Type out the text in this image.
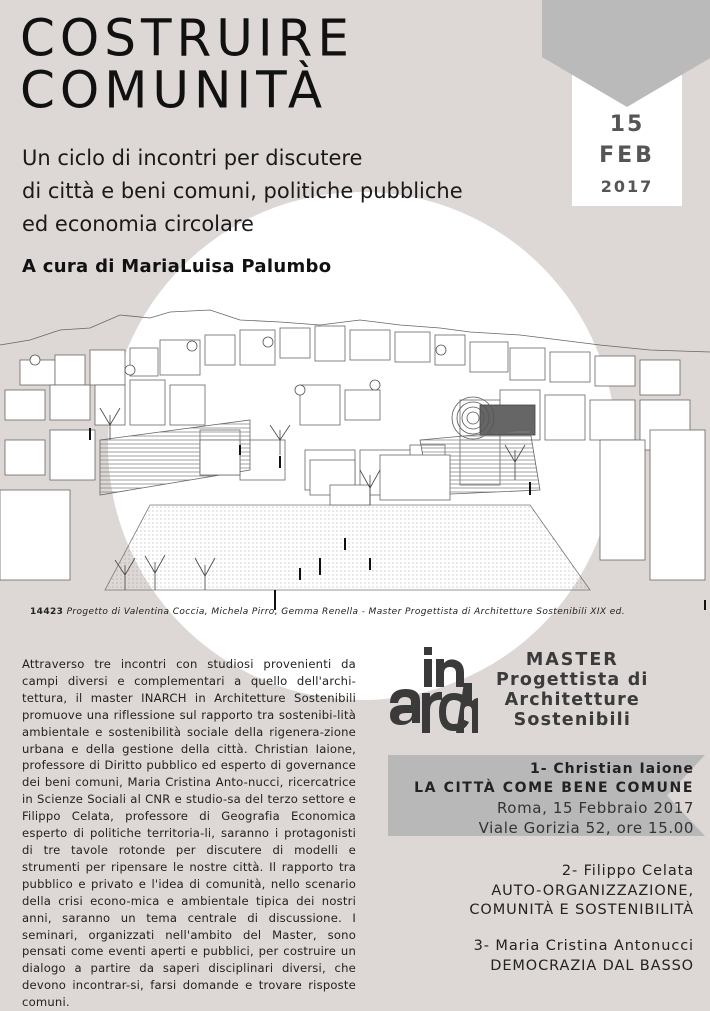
COSTRUIRE
COMUNITÀ
Un ciclo di incontri per discutere
di città e beni comuni, politiche pubbliche
ed economia circolare
A cura di MariaLuisa Palumbo
15
FEB
2017
14423 Progetto di Valentina Coccia, Michela Pirro, Gemma Renella - Master Progettista di Architetture Sostenibili XIX ed.

Attraverso tre incontri con studiosi provenienti da campi diversi e complementari a quello dell'archi-tettura, il master INARCH in Architetture Sostenibili promuove una riflessione sul rapporto tra sostenibi-lità ambientale e sostenibilità sociale della rigenera-zione urbana e della gestione della città. Christian Iaione, professore di Diritto pubblico ed esperto di governance dei beni comuni, Maria Cristina Anto-nucci, ricercatrice in Scienze Sociali al CNR e studio-sa del terzo settore e Filippo Celata, professore di Geografia Economica esperto di politiche territoria-li, saranno i protagonisti di tre tavole rotonde per discutere di modelli e strumenti per ripensare le nostre città. Il rapporto tra pubblico e privato e l'idea di comunità, nello scenario della crisi econo-mica e ambientale tipica dei nostri anni, saranno un tema centrale di discussione. I seminari, organizzati nell'ambito del Master, sono pensati come eventi aperti e pubblici, per costruire un dialogo a partire da saperi disciplinari diversi, che devono incontrar-si, farsi domande e trovare risposte comuni.

MASTER
Progettista di
Architetture
Sostenibili
1- Christian Iaione
LA CITTÀ COME BENE COMUNE
Roma, 15 Febbraio 2017
Viale Gorizia 52, ore 15.00
2- Filippo Celata
AUTO-ORGANIZZAZIONE,
COMUNITÀ E SOSTENIBILITÀ
3- Maria Cristina Antonucci
DEMOCRAZIA DAL BASSO
